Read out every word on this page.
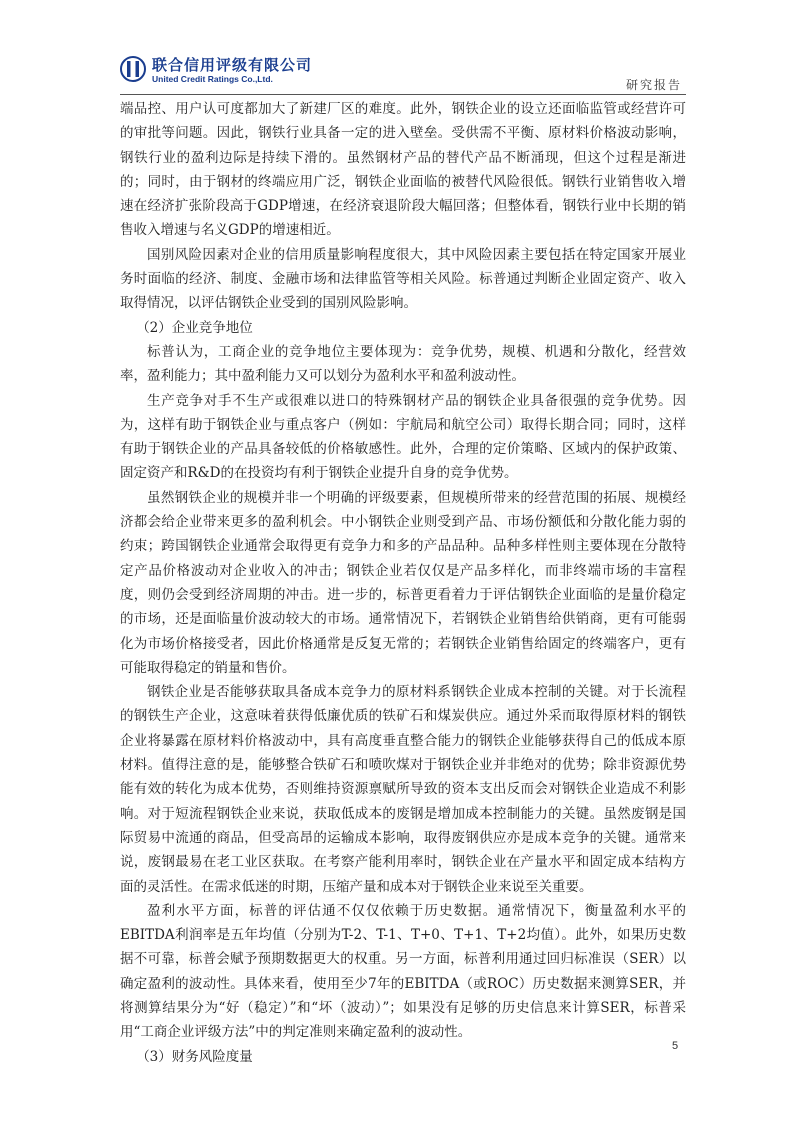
联合信用评级有限公司
United Credit Ratings Co.,Ltd.	研究报告

端品控、用户认可度都加大了新建厂区的难度。此外，钢铁企业的设立还面临监管或经营许可的审批等问题。因此，钢铁行业具备一定的进入壁垒。受供需不平衡、原材料价格波动影响，钢铁行业的盈利边际是持续下滑的。虽然钢材产品的替代产品不断涌现，但这个过程是渐进的；同时，由于钢材的终端应用广泛，钢铁企业面临的被替代风险很低。钢铁行业销售收入增速在经济扩张阶段高于GDP增速，在经济衰退阶段大幅回落；但整体看，钢铁行业中长期的销售收入增速与名义GDP的增速相近。

国别风险因素对企业的信用质量影响程度很大，其中风险因素主要包括在特定国家开展业务时面临的经济、制度、金融市场和法律监管等相关风险。标普通过判断企业固定资产、收入取得情况，以评估钢铁企业受到的国别风险影响。

（2）企业竞争地位

标普认为，工商企业的竞争地位主要体现为：竞争优势，规模、机遇和分散化，经营效率，盈利能力；其中盈利能力又可以划分为盈利水平和盈利波动性。

生产竞争对手不生产或很难以进口的特殊钢材产品的钢铁企业具备很强的竞争优势。因为，这样有助于钢铁企业与重点客户（例如：宇航局和航空公司）取得长期合同；同时，这样有助于钢铁企业的产品具备较低的价格敏感性。此外，合理的定价策略、区域内的保护政策、固定资产和R&D的在投资均有利于钢铁企业提升自身的竞争优势。

虽然钢铁企业的规模并非一个明确的评级要素，但规模所带来的经营范围的拓展、规模经济都会给企业带来更多的盈利机会。中小钢铁企业则受到产品、市场份额低和分散化能力弱的约束；跨国钢铁企业通常会取得更有竞争力和多的产品品种。品种多样性则主要体现在分散特定产品价格波动对企业收入的冲击；钢铁企业若仅仅是产品多样化，而非终端市场的丰富程度，则仍会受到经济周期的冲击。进一步的，标普更看着力于评估钢铁企业面临的是量价稳定的市场，还是面临量价波动较大的市场。通常情况下，若钢铁企业销售给供销商，更有可能弱化为市场价格接受者，因此价格通常是反复无常的；若钢铁企业销售给固定的终端客户，更有可能取得稳定的销量和售价。

钢铁企业是否能够获取具备成本竞争力的原材料系钢铁企业成本控制的关键。对于长流程的钢铁生产企业，这意味着获得低廉优质的铁矿石和煤炭供应。通过外采而取得原材料的钢铁企业将暴露在原材料价格波动中，具有高度垂直整合能力的钢铁企业能够获得自己的低成本原材料。值得注意的是，能够整合铁矿石和喷吹煤对于钢铁企业并非绝对的优势；除非资源优势能有效的转化为成本优势，否则维持资源禀赋所导致的资本支出反而会对钢铁企业造成不利影响。对于短流程钢铁企业来说，获取低成本的废钢是增加成本控制能力的关键。虽然废钢是国际贸易中流通的商品，但受高昂的运输成本影响，取得废钢供应亦是成本竞争的关键。通常来说，废钢最易在老工业区获取。在考察产能利用率时，钢铁企业在产量水平和固定成本结构方面的灵活性。在需求低迷的时期，压缩产量和成本对于钢铁企业来说至关重要。

盈利水平方面，标普的评估通不仅仅依赖于历史数据。通常情况下，衡量盈利水平的EBITDA利润率是五年均值（分别为T-2、T-1、T+0、T+1、T+2均值）。此外，如果历史数据不可靠，标普会赋予预期数据更大的权重。另一方面，标普利用通过回归标准误（SER）以确定盈利的波动性。具体来看，使用至少7年的EBITDA（或ROC）历史数据来测算SER，并将测算结果分为“好（稳定）”和“坏（波动）”；如果没有足够的历史信息来计算SER，标普采用“工商企业评级方法”中的判定准则来确定盈利的波动性。

（3）财务风险度量

5
